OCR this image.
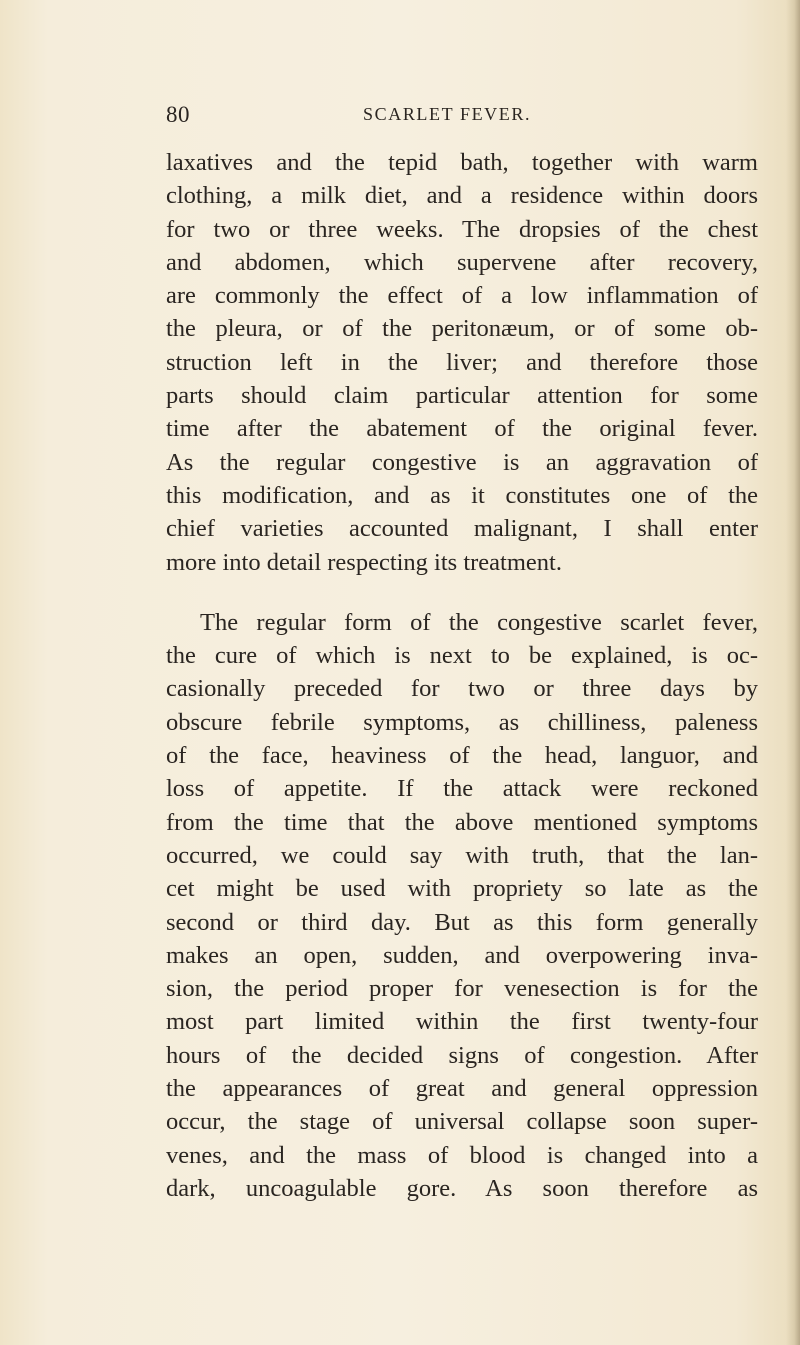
80	SCARLET FEVER.
laxatives and the tepid bath, together with warm
clothing, a milk diet, and a residence within doors
for two or three weeks. The dropsies of the chest
and abdomen, which supervene after recovery,
are commonly the effect of a low inflammation of
the pleura, or of the peritonæum, or of some ob-
struction left in the liver; and therefore those
parts should claim particular attention for some
time after the abatement of the original fever.
As the regular congestive is an aggravation of
this modification, and as it constitutes one of the
chief varieties accounted malignant, I shall enter
more into detail respecting its treatment.
The regular form of the congestive scarlet fever,
the cure of which is next to be explained, is oc-
casionally preceded for two or three days by
obscure febrile symptoms, as chilliness, paleness
of the face, heaviness of the head, languor, and
loss of appetite. If the attack were reckoned
from the time that the above mentioned symptoms
occurred, we could say with truth, that the lan-
cet might be used with propriety so late as the
second or third day. But as this form generally
makes an open, sudden, and overpowering inva-
sion, the period proper for venesection is for the
most part limited within the first twenty-four
hours of the decided signs of congestion. After
the appearances of great and general oppression
occur, the stage of universal collapse soon super-
venes, and the mass of blood is changed into a
dark, uncoagulable gore. As soon therefore as
